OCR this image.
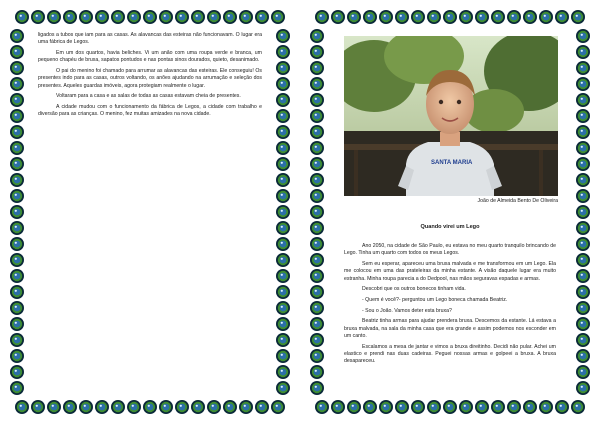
ligados a tubos que iam para as casas. As alavancas das esteiras não funcionavam. O lugar era uma fábrica de Legos.

Em um dos quartos, havia beliches. Vi um anão com uma roupa verde e branca, um pequeno chapéu de bruxa, sapatos pontudos e nas pontas sinos dourados, quieto, desanimado.

O pai do menino foi chamado para arrumar as alavancas das esteiras. Ele conseguiu! Os presentes indo para as casas, outros voltando, os anões ajudando na arrumação e seleção dos presentes. Aqueles guardas imóveis, agora protegiam realmente o lugar.

Voltaram para a casa e as salas de todas as casas estavam cheia de presentes.

A cidade mudou com o funcionamento da fábrica de Legos, a cidade com trabalho e diversão para as crianças. O menino, fez muitas amizades na nova cidade.

SANTA MARIA
João de Almeida Bento De Oliveira
Quando virei um Lego

Ano 2050, na cidade de São Paulo, eu estava no meu quarto tranquilo brincando de Lego. Tinha um quarto com todos os meus Legos.

Sem eu esperar, apareceu uma bruxa malvada e me transformou em um Lego. Ela me colocou em uma das prateleiras da minha estante. A visão daquele lugar era muito estranha. Minha roupa parecia a do Dedpool, nas mãos seguravas espadas e armas.

Descobri que os outros bonecos tinham vida.

- Quem é você?- perguntou um Lego boneca chamada Beatriz.

- Sou o João. Vamos deter esta bruxa?

Beatriz tinha armas para ajudar prendera bruxa. Descemos da estante. Lá estava a bruxa malvada, na sala da minha casa que era grande e assim podemos nos esconder em um canto.

Escalamos a mesa de jantar e vimos a bruxa direitinho. Decidi não pular. Achei um elastico e prendi nas duas cadeiras. Peguei nossas armas e golpeei a bruxa. A bruxa desapareceu.
